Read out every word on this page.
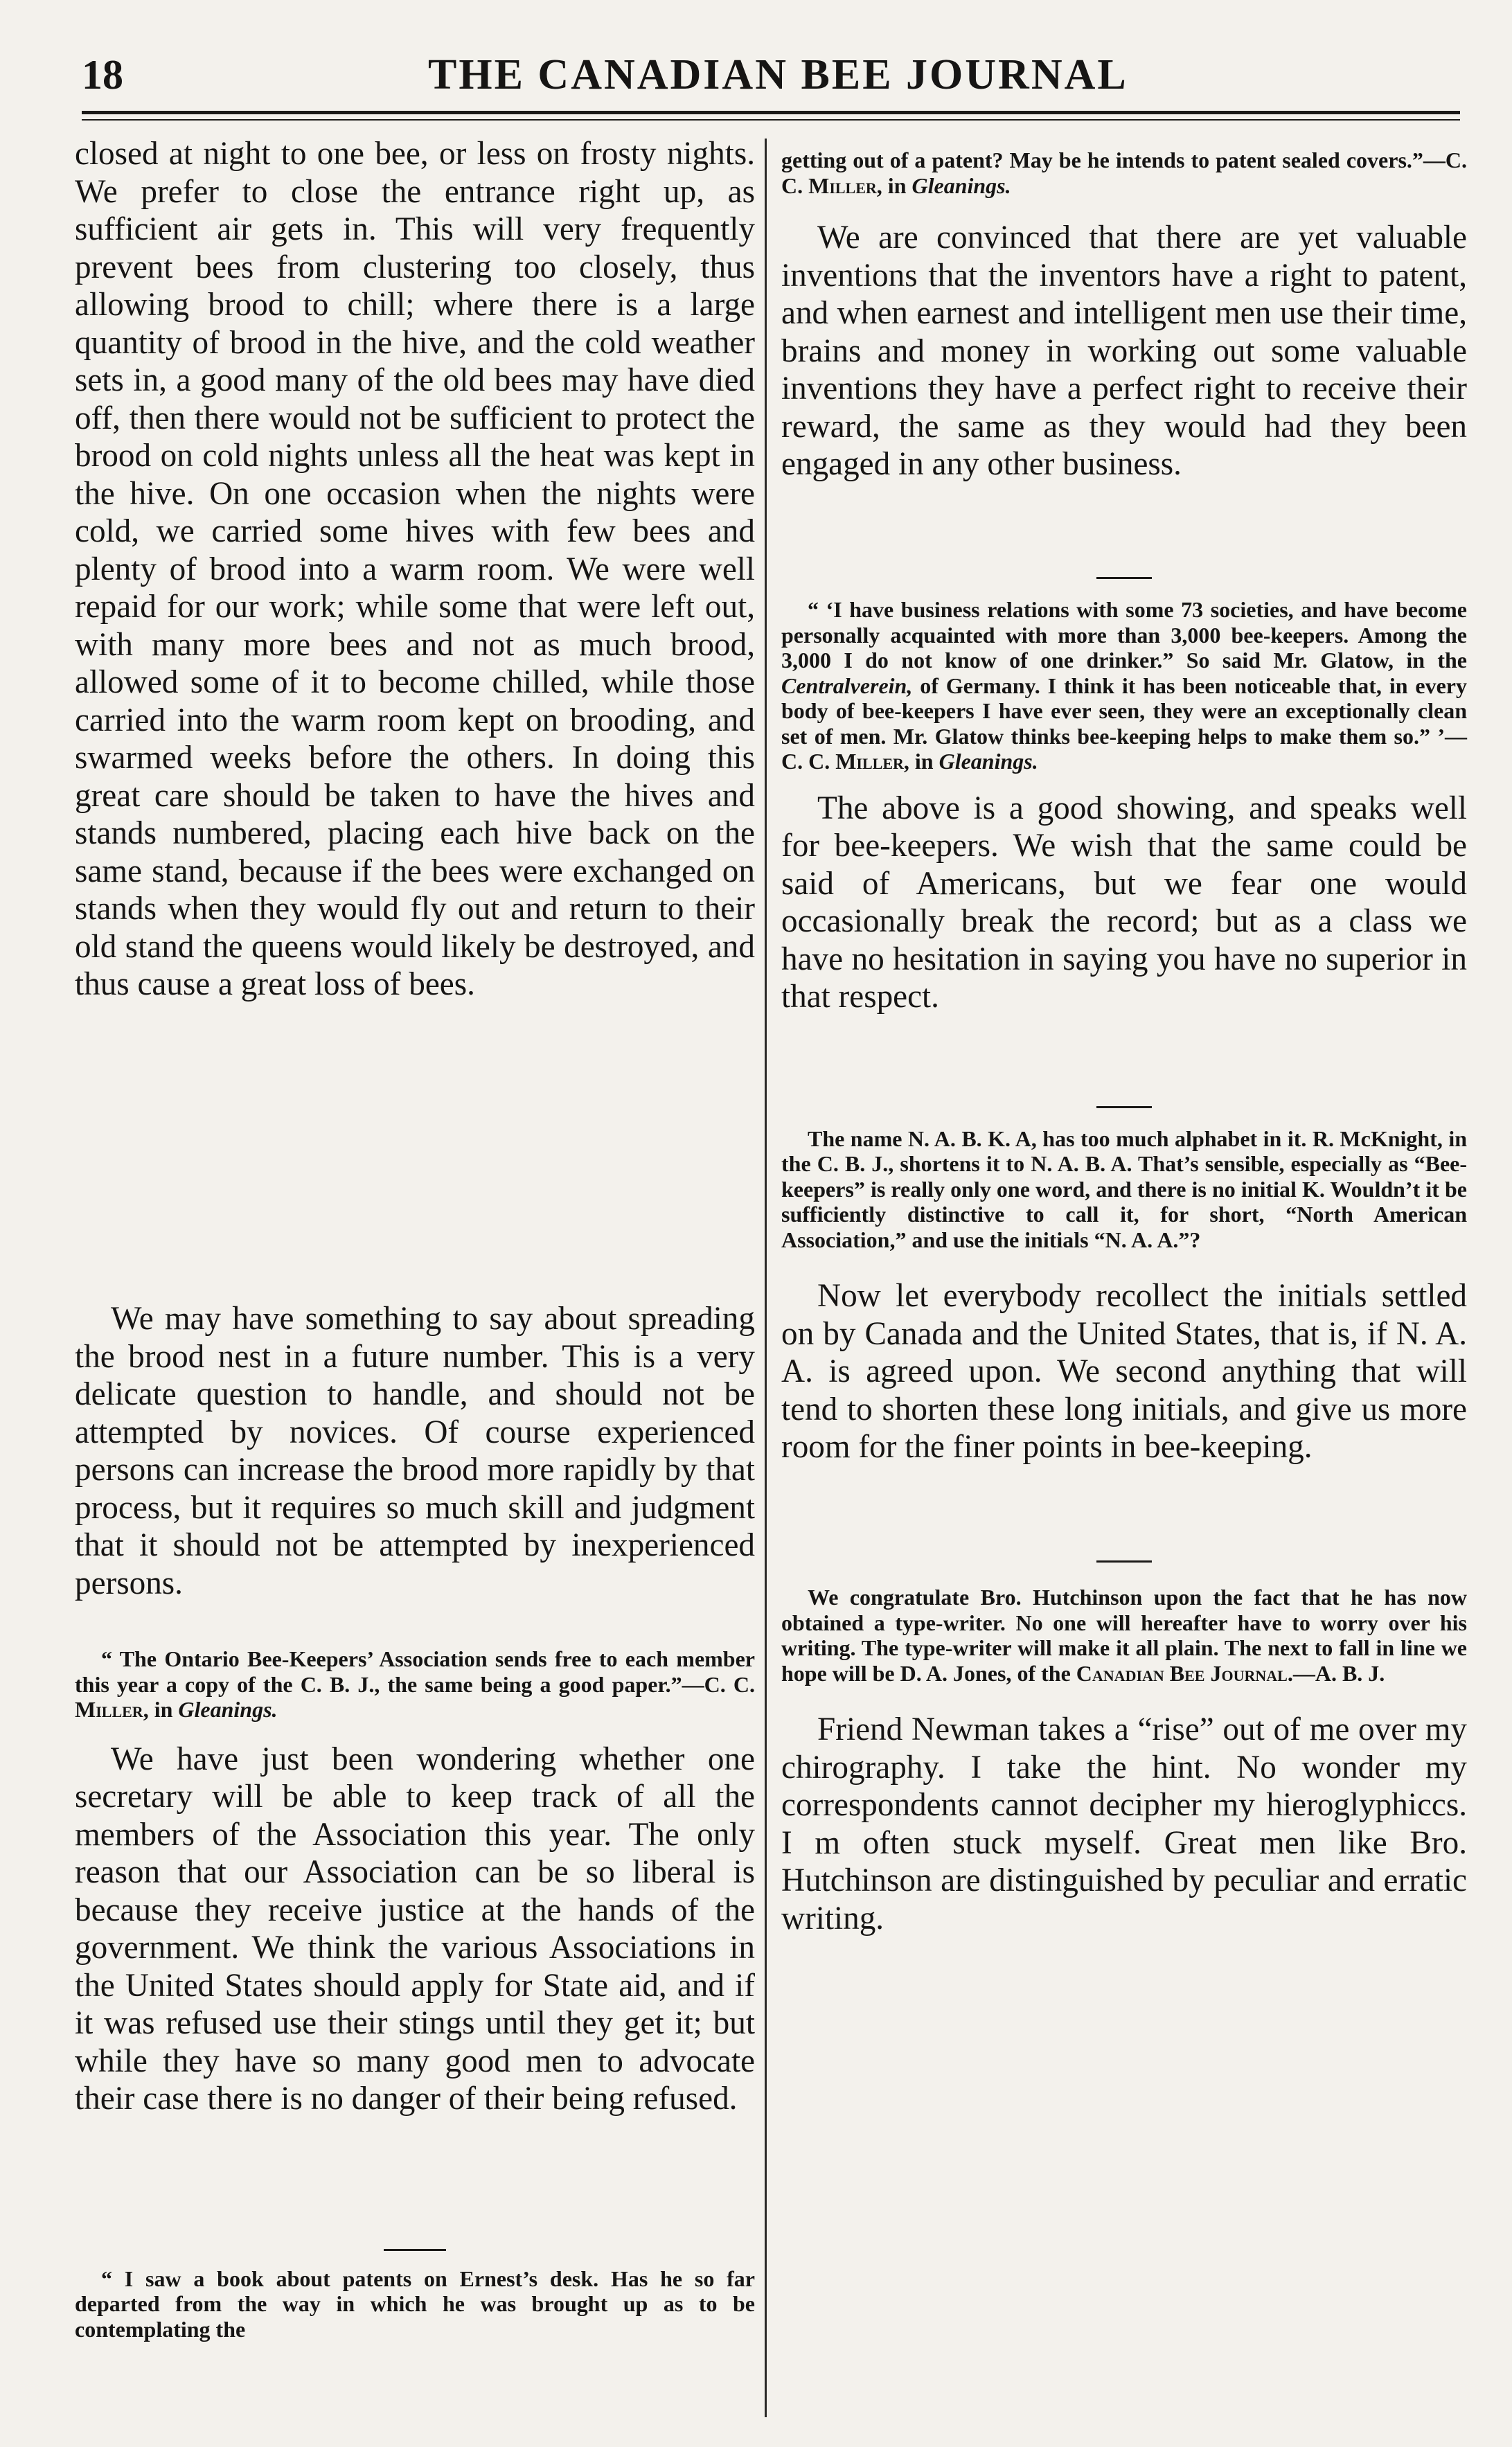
18	THE CANADIAN BEE JOURNAL

closed at night to one bee, or less on frosty nights. We prefer to close the entrance right up, as sufficient air gets in. This will very frequently prevent bees from clustering too closely, thus allowing brood to chill; where there is a large quantity of brood in the hive, and the cold weather sets in, a good many of the old bees may have died off, then there would not be sufficient to protect the brood on cold nights unless all the heat was kept in the hive. On one occasion when the nights were cold, we carried some hives with few bees and plenty of brood into a warm room. We were well repaid for our work; while some that were left out, with many more bees and not as much brood, allowed some of it to become chilled, while those carried into the warm room kept on brooding, and swarmed weeks before the others. In doing this great care should be taken to have the hives and stands numbered, placing each hive back on the same stand, because if the bees were exchanged on stands when they would fly out and return to their old stand the queens would likely be destroyed, and thus cause a great loss of bees.

We may have something to say about spreading the brood nest in a future number. This is a very delicate question to handle, and should not be attempted by novices. Of course experienced persons can increase the brood more rapidly by that process, but it requires so much skill and judgment that it should not be attempted by inexperienced persons.

“ The Ontario Bee-Keepers’ Association sends free to each member this year a copy of the C. B. J., the same being a good paper.”—C. C. Miller, in Gleanings.

We have just been wondering whether one secretary will be able to keep track of all the members of the Association this year. The only reason that our Association can be so liberal is because they receive justice at the hands of the government. We think the various Associations in the United States should apply for State aid, and if it was refused use their stings until they get it; but while they have so many good men to advocate their case there is no danger of their being refused.

“ I saw a book about patents on Ernest’s desk. Has he so far departed from the way in which he was brought up as to be contemplating the

getting out of a patent? May be he intends to patent sealed covers.”—C. C. Miller, in Gleanings.

We are convinced that there are yet valuable inventions that the inventors have a right to patent, and when earnest and intelligent men use their time, brains and money in working out some valuable inventions they have a perfect right to receive their reward, the same as they would had they been engaged in any other business.

“ ‘I have business relations with some 73 societies, and have become personally acquainted with more than 3,000 bee-keepers. Among the 3,000 I do not know of one drinker.” So said Mr. Glatow, in the Centralverein, of Germany. I think it has been noticeable that, in every body of bee-keepers I have ever seen, they were an exceptionally clean set of men. Mr. Glatow thinks bee-keeping helps to make them so.” ’—C. C. Miller, in Gleanings.

The above is a good showing, and speaks well for bee-keepers. We wish that the same could be said of Americans, but we fear one would occasionally break the record; but as a class we have no hesitation in saying you have no superior in that respect.

The name N. A. B. K. A, has too much alphabet in it. R. McKnight, in the C. B. J., shortens it to N. A. B. A. That’s sensible, especially as “Bee-keepers” is really only one word, and there is no initial K. Wouldn’t it be sufficiently distinctive to call it, for short, “North American Association,” and use the initials “N. A. A.”?

Now let everybody recollect the initials settled on by Canada and the United States, that is, if N. A. A. is agreed upon. We second anything that will tend to shorten these long initials, and give us more room for the finer points in bee-keeping.

We congratulate Bro. Hutchinson upon the fact that he has now obtained a type-writer. No one will hereafter have to worry over his writing. The type-writer will make it all plain. The next to fall in line we hope will be D. A. Jones, of the Canadian Bee Journal.—A. B. J.

Friend Newman takes a “rise” out of me over my chirography. I take the hint. No wonder my correspondents cannot decipher my hieroglyphiccs. I m often stuck myself. Great men like Bro. Hutchinson are distinguished by peculiar and erratic writing.
